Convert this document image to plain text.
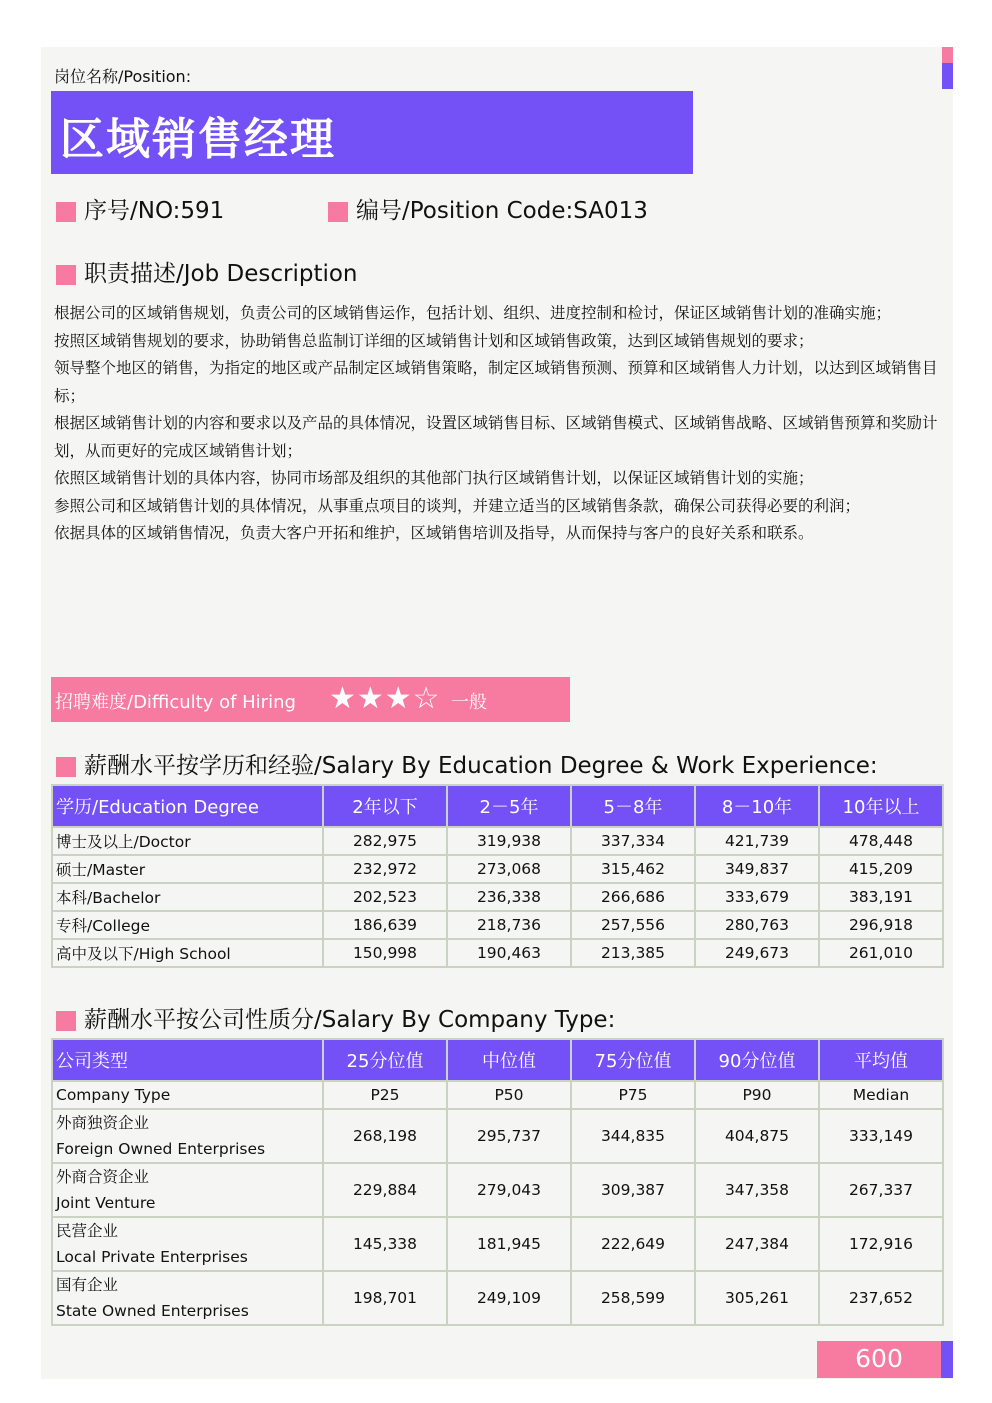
岗位名称/Position:
区域销售经理
序号/NO:591	编号/Position Code:SA013
职责描述/Job Description

根据公司的区域销售规划，负责公司的区域销售运作，包括计划、组织、进度控制和检讨，保证区域销售计划的准确实施；

按照区域销售规划的要求，协助销售总监制订详细的区域销售计划和区域销售政策，达到区域销售规划的要求；

领导整个地区的销售，为指定的地区或产品制定区域销售策略，制定区域销售预测、预算和区域销售人力计划，以达到区域销售目标；

根据区域销售计划的内容和要求以及产品的具体情况，设置区域销售目标、区域销售模式、区域销售战略、区域销售预算和奖励计划，从而更好的完成区域销售计划；

依照区域销售计划的具体内容，协同市场部及组织的其他部门执行区域销售计划，以保证区域销售计划的实施；

参照公司和区域销售计划的具体情况，从事重点项目的谈判，并建立适当的区域销售条款，确保公司获得必要的利润；

依据具体的区域销售情况，负责大客户开拓和维护，区域销售培训及指导，从而保持与客户的良好关系和联系。

招聘难度/Difficulty of Hiring ★★★☆ 一般
薪酬水平按学历和经验/Salary By Education Degree & Work Experience:
学历/Education Degree	2年以下	2－5年	5－8年	8－10年	10年以上
博士及以上/Doctor	282,975	319,938	337,334	421,739	478,448
硕士/Master	232,972	273,068	315,462	349,837	415,209
本科/Bachelor	202,523	236,338	266,686	333,679	383,191
专科/College	186,639	218,736	257,556	280,763	296,918
高中及以下/High School	150,998	190,463	213,385	249,673	261,010
薪酬水平按公司性质分/Salary By Company Type:
公司类型	25分位值	中位值	75分位值	90分位值	平均值
Company Type	P25	P50	P75	P90	Median

外商独资企业
Foreign Owned Enterprises	268,198	295,737	344,835	404,875	333,149

外商合资企业
Joint Venture	229,884	279,043	309,387	347,358	267,337

民营企业
Local Private Enterprises	145,338	181,945	222,649	247,384	172,916

国有企业
State Owned Enterprises	198,701	249,109	258,599	305,261	237,652
600
